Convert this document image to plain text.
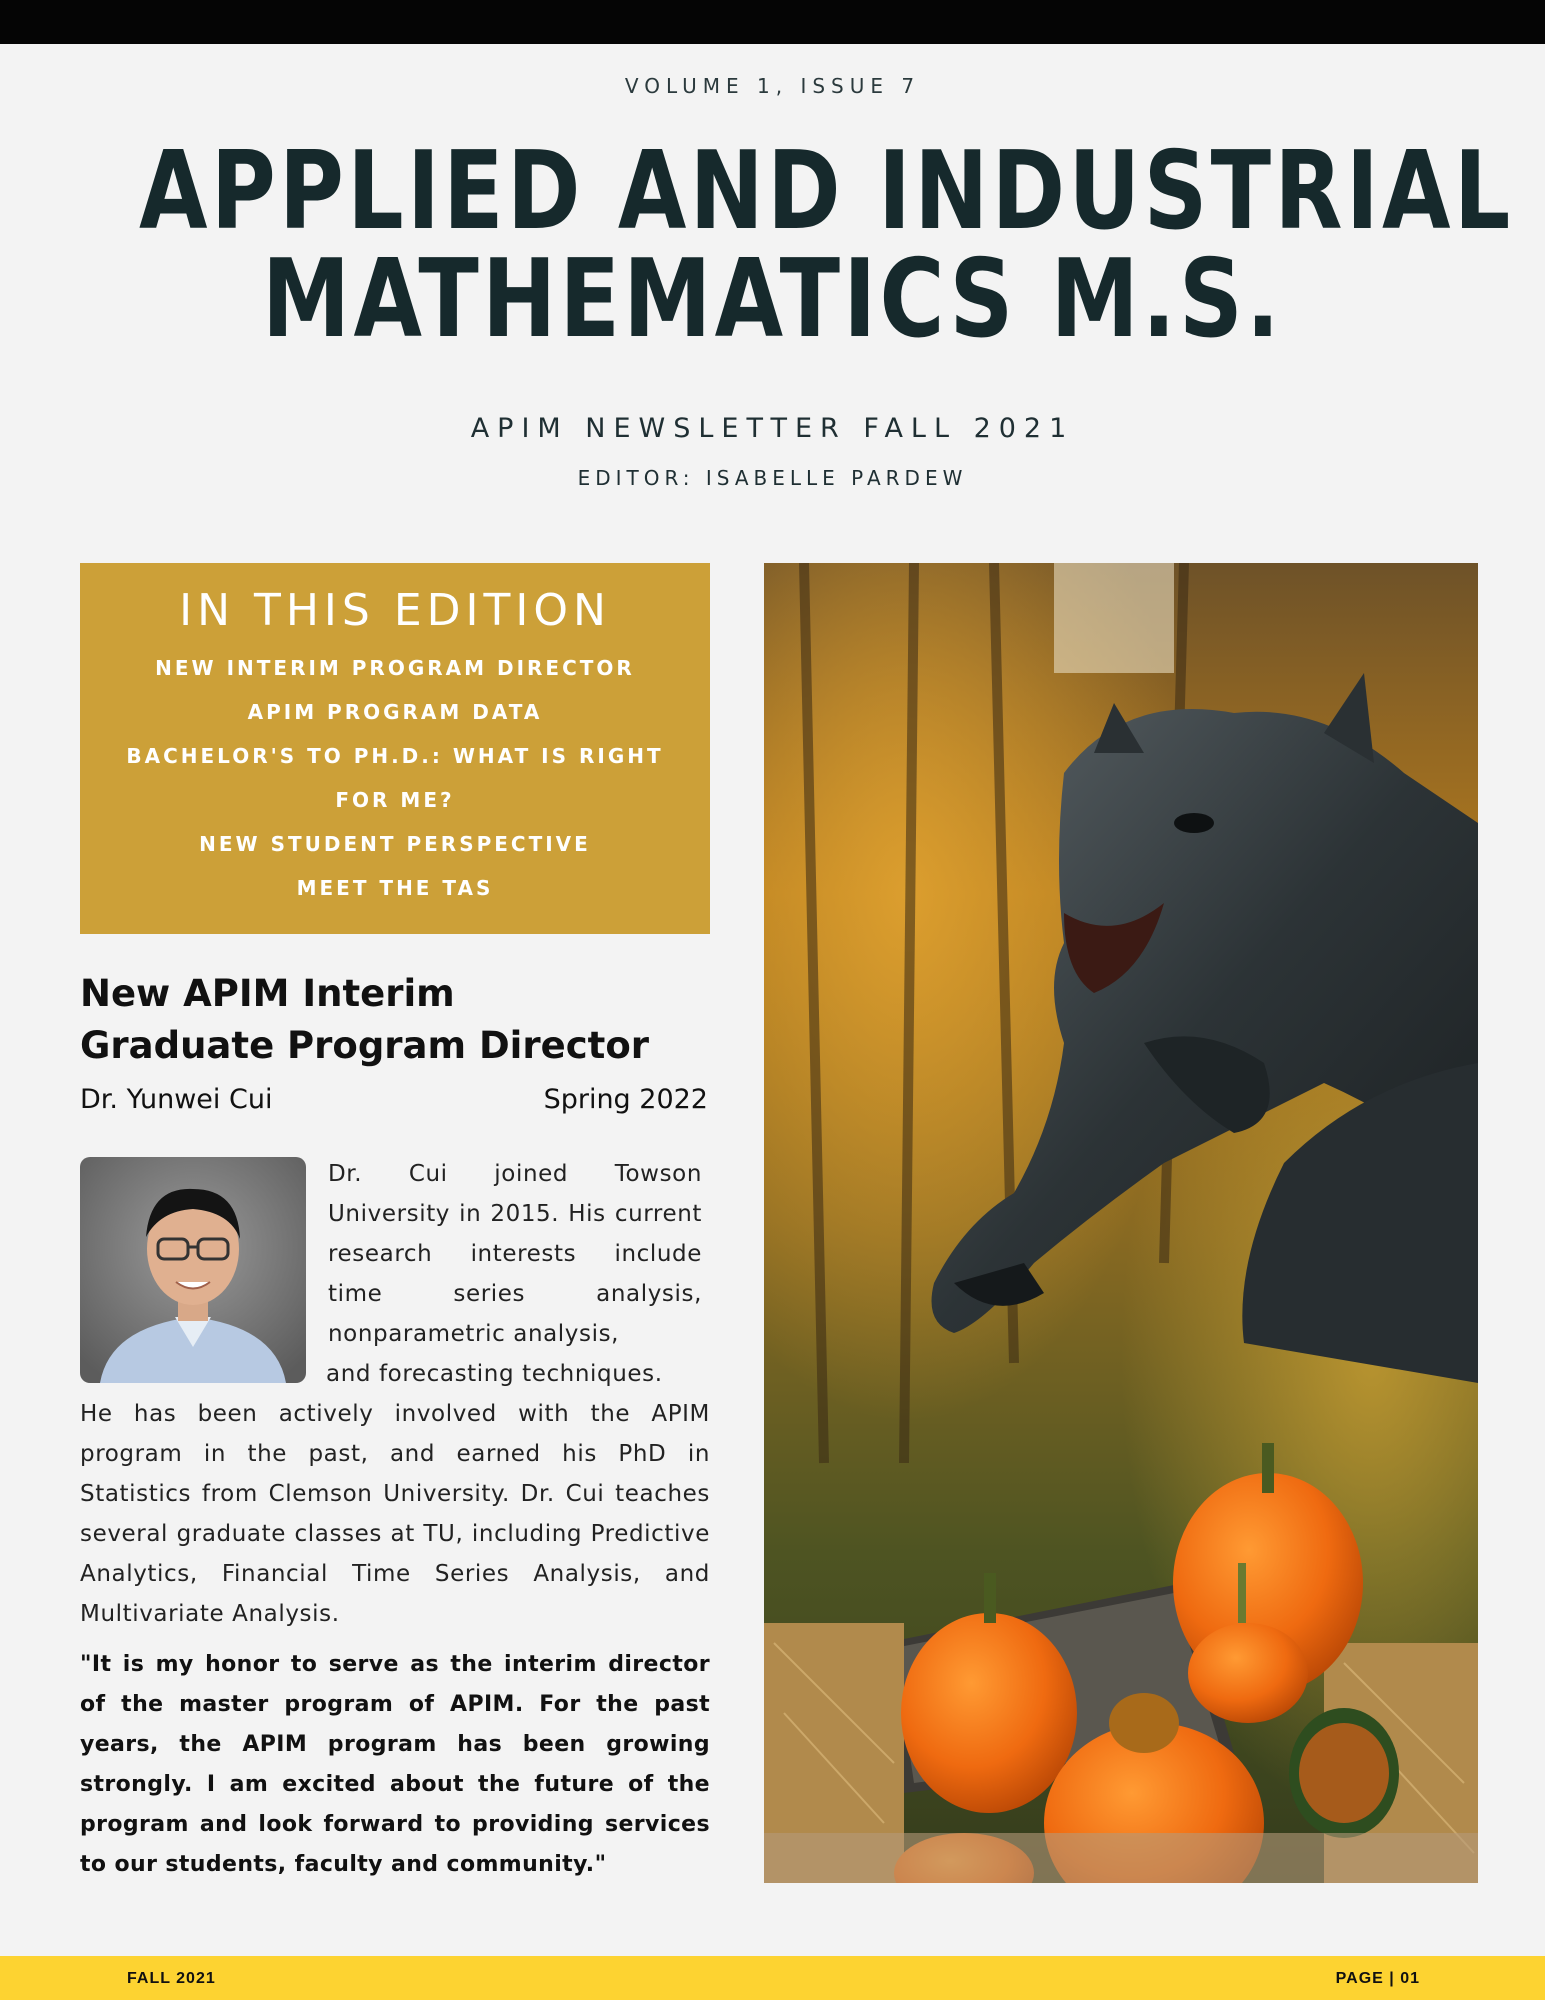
VOLUME 1, ISSUE 7
APPLIED AND INDUSTRIAL
MATHEMATICS M.S.
APIM NEWSLETTER FALL 2021
EDITOR: ISABELLE PARDEW
IN THIS EDITION
NEW INTERIM PROGRAM DIRECTOR
APIM PROGRAM DATA
BACHELOR'S TO PH.D.: WHAT IS RIGHT FOR ME?
NEW STUDENT PERSPECTIVE
MEET THE TAS
New APIM Interim
Graduate Program Director
Dr. Yunwei Cui	Spring 2022
Dr. Cui joined Towson University in 2015. His current research interests include time series analysis, nonparametric analysis,
and forecasting techniques.
He has been actively involved with the APIM program in the past, and earned his PhD in Statistics from Clemson University. Dr. Cui teaches several graduate classes at TU, including Predictive Analytics, Financial Time Series Analysis, and Multivariate Analysis.
"It is my honor to serve as the interim director of the master program of APIM. For the past years, the APIM program has been growing strongly. I am excited about the future of the program and look forward to providing services to our students, faculty and community."
FALL 2021	PAGE | 01
